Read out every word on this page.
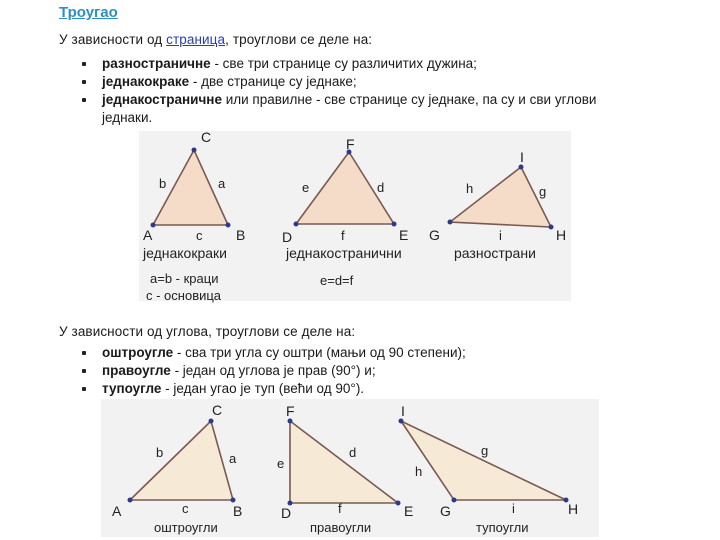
Троугао
У зависности од страница, троуглови се деле на:
разностраничне - све три странице су различитих дужина;
једнакокраке - две странице су једнаке;
једнакостраничне или правилне - све странице су једнаке, па су и сви углови једнаки.
C
A	B
b	a
c
једнакокраки
a=b - краци
c - основица
F
D	E
e	d
f
једнакостранични
e=d=f
I
G	H
h	g
i
разнострани
У зависности од углова, троуглови се деле на:
оштроугле - сва три угла су оштри (мањи од 90 степени);
правоугле - један од углова је прав (90°) и;
тупоугле - један угао је туп (већи од 90°).
C
A	B
b	a
c
оштроугли
F
D	E
e
d
f
правоугли
I
G	H
h
g
i
тупоугли
